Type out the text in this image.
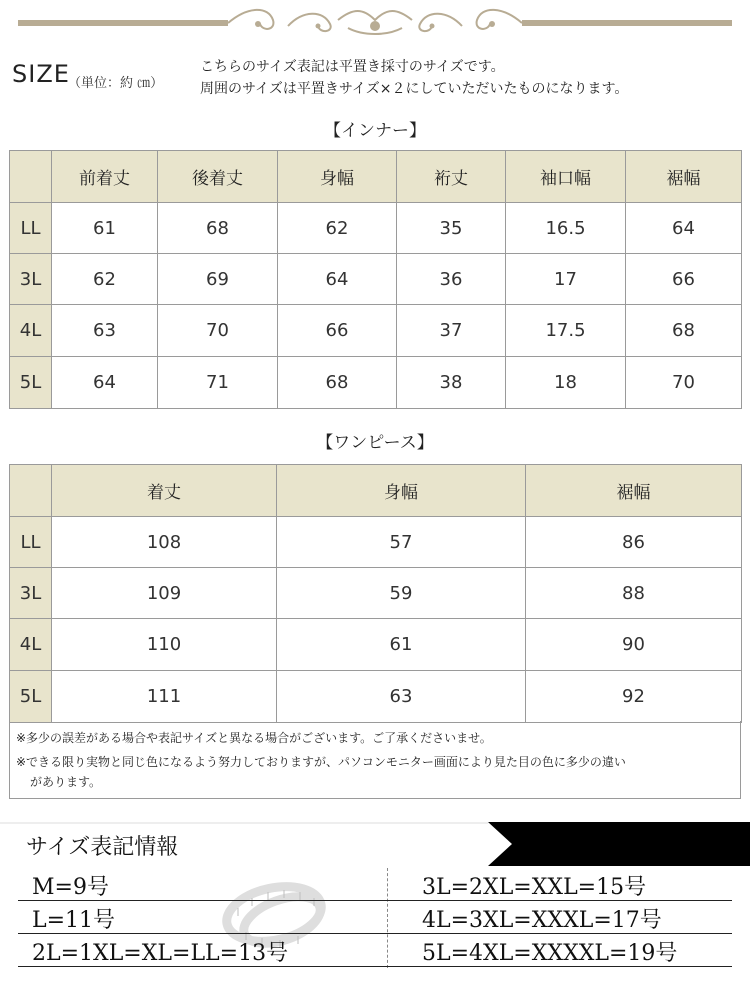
SIZE
（単位：約 ㎝）
こちらのサイズ表記は平置き採寸のサイズです。
周囲のサイズは平置きサイズ×２にしていただいたものになります。
【インナー】
	前着丈	後着丈	身幅	裄丈	袖口幅	裾幅
LL	61	68	62	35	16.5	64
3L	62	69	64	36	17	66
4L	63	70	66	37	17.5	68
5L	64	71	68	38	18	70
【ワンピース】
	着丈	身幅	裾幅
LL	108	57	86
3L	109	59	88
4L	110	61	90
5L	111	63	92

※多少の誤差がある場合や表記サイズと異なる場合がございます。ご了承くださいませ。

※できる限り実物と同じ色になるよう努力しておりますが、パソコンモニター画面により見た目の色に多少の違い

があります。

サイズ表記情報
M=9号	3L=2XL=XXL=15号
L=11号	4L=3XL=XXXL=17号
2L=1XL=XL=LL=13号	5L=4XL=XXXXL=19号
